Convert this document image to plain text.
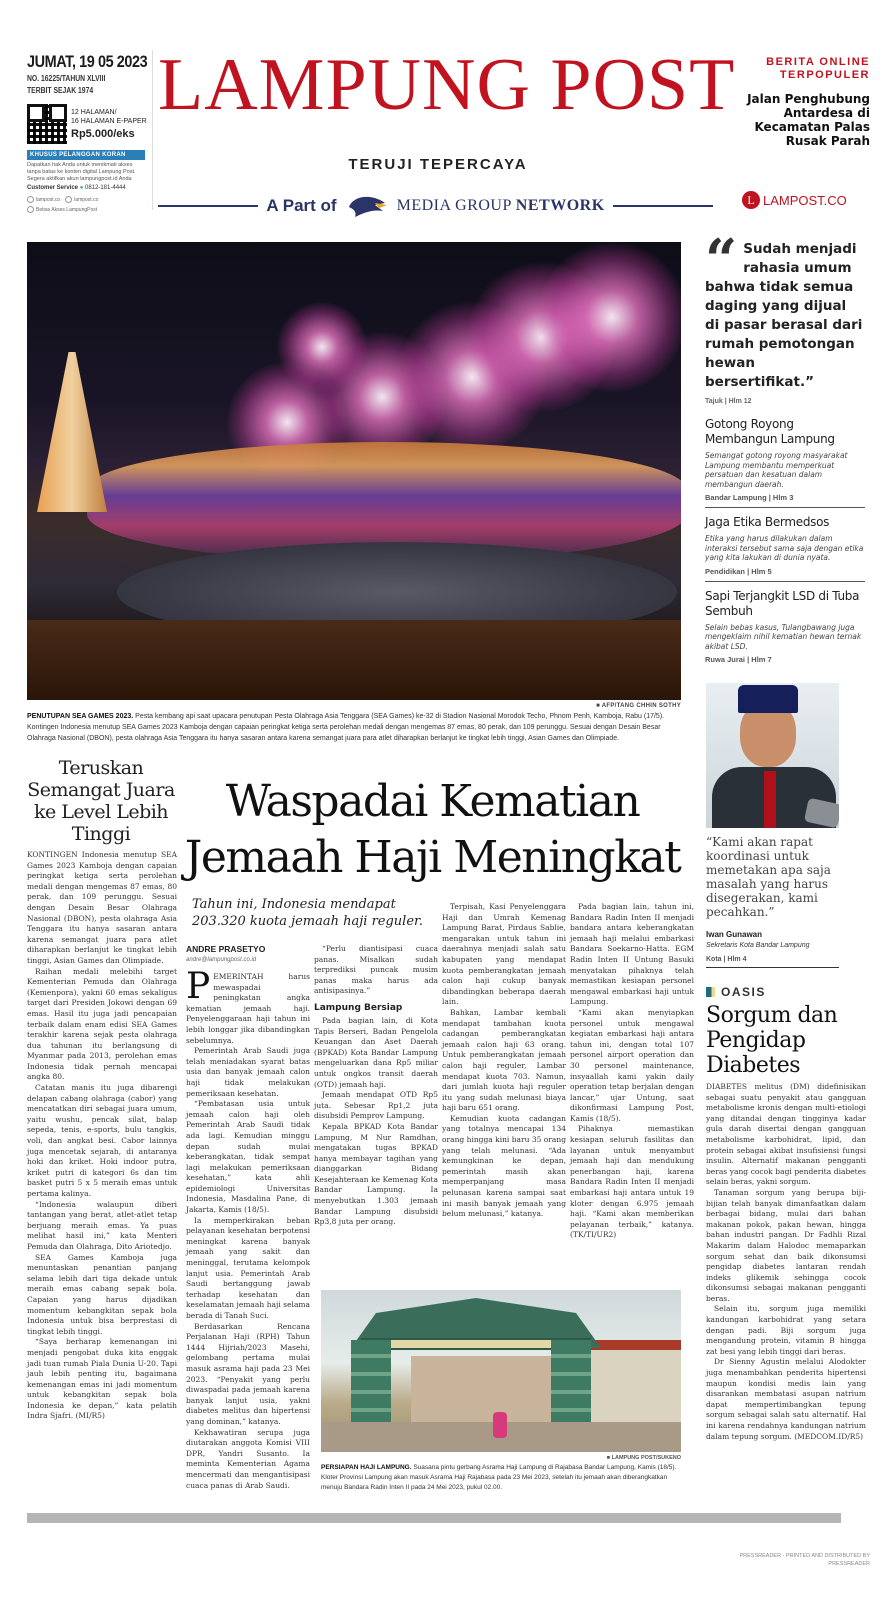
JUMAT, 19 05 2023
NO. 16225/TAHUN XLVIII
TERBIT SEJAK 1974
12 HALAMAN/
16 HALAMAN E-PAPER
Rp5.000/eks
KHUSUS PELANGGAN KORAN
Dapatkan hak Anda untuk menikmati akses tanpa batas ke konten digital Lampung Post. Segera aktifkan akun lampungpost.id Anda
Customer Service ● 0812-181-4444
lampost.co	lampost.co
Bebas Akses LampungPost
LAMPUNG POST
TERUJI TEPERCAYA
A Part of	MEDIA GROUP NETWORK
BERITA ONLINE
TERPOPULER
Jalan Penghubung Antardesa di Kecamatan Palas Rusak Parah
L LAMPOST.CO
■ AFP/TANG CHHIN SOTHY
PENUTUPAN SEA GAMES 2023. Pesta kembang api saat upacara penutupan Pesta Olahraga Asia Tenggara (SEA Games) ke-32 di Stadion Nasional Morodok Techo, Phnom Penh, Kamboja, Rabu (17/5). Kontingen Indonesia menutup SEA Games 2023 Kamboja dengan capaian peringkat ketiga serta perolehan medali dengan mengemas 87 emas, 80 perak, dan 109 perunggu. Sesuai dengan Desain Besar Olahraga Nasional (DBON), pesta olahraga Asia Tenggara itu hanya sasaran antara karena semangat juara para atlet diharapkan berlanjut ke tingkat lebih tinggi, Asian Games dan Olimpiade.
“ Sudah menjadi rahasia umum bahwa tidak semua daging yang dijual di pasar berasal dari rumah pemotongan hewan bersertifikat.”
Tajuk | Hlm 12
Gotong Royong Membangun Lampung
Semangat gotong royong masyarakat Lampung membantu memperkuat persatuan dan kesatuan dalam membangun daerah.
Bandar Lampung | Hlm 3
Jaga Etika Bermedsos
Etika yang harus dilakukan dalam interaksi tersebut sama saja dengan etika yang kita lakukan di dunia nyata.
Pendidikan | Hlm 5
Sapi Terjangkit LSD di Tuba Sembuh
Selain bebas kasus, Tulangbawang juga mengeklaim nihil kematian hewan ternak akibat LSD.
Ruwa Jurai | Hlm 7
“Kami akan rapat koordinasi untuk memetakan apa saja masalah yang harus disegerakan, kami pecahkan.”
Iwan Gunawan
Sekretaris Kota Bandar Lampung
Kota | Hlm 4
OASIS
Sorgum dan Pengidap Diabetes

DIABETES melitus (DM) didefinisikan sebagai suatu penyakit atau gangguan metabolisme kronis dengan multi-etiologi yang ditandai dengan tingginya kadar gula darah disertai dengan gangguan metabolisme karbohidrat, lipid, dan protein sebagai akibat insufisiensi fungsi insulin. Alternatif makanan pengganti beras yang cocok bagi penderita diabetes selain beras, yakni sorgum.

Tanaman sorgum yang berupa biji-bijian telah banyak dimanfaatkan dalam berbagai bidang, mulai dari bahan makanan pokok, pakan hewan, hingga bahan industri pangan. Dr Fadhli Rizal Makarim dalam Halodoc memaparkan sorgum sehat dan baik dikonsumsi pengidap diabetes lantaran rendah indeks glikemik sehingga cocok dikonsumsi sebagai makanan pengganti beras.

Selain itu, sorgum juga memiliki kandungan karbohidrat yang setara dengan padi. Biji sorgum juga mengandung protein, vitamin B hingga zat besi yang lebih tinggi dari beras.

Dr Sienny Agustin melalui Alodokter juga menambahkan penderita hipertensi maupun kondisi medis lain yang disarankan membatasi asupan natrium dapat mempertimbangkan tepung sorgum sebagai salah satu alternatif. Hal ini karena rendahnya kandungan natrium dalam tepung sorgum. (MEDCOM.ID/R5)

Teruskan Semangat Juara ke Level Lebih Tinggi

KONTINGEN Indonesia menutup SEA Games 2023 Kamboja dengan capaian peringkat ketiga serta perolehan medali dengan mengemas 87 emas, 80 perak, dan 109 perunggu. Sesuai dengan Desain Besar Olahraga Nasional (DBON), pesta olahraga Asia Tenggara itu hanya sasaran antara karena semangat juara para atlet diharapkan berlanjut ke tingkat lebih tinggi, Asian Games dan Olimpiade.

Raihan medali melebihi target Kementerian Pemuda dan Olahraga (Kemenpora), yakni 60 emas sekaligus target dari Presiden Jokowi dengan 69 emas. Hasil itu juga jadi pencapaian terbaik dalam enam edisi SEA Games terakhir karena sejak pesta olahraga dua tahunan itu berlangsung di Myanmar pada 2013, perolehan emas Indonesia tidak pernah mencapai angka 80.

Catatan manis itu juga dibarengi delapan cabang olahraga (cabor) yang mencatatkan diri sebagai juara umum, yaitu wushu, pencak silat, balap sepeda, tenis, e-sports, bulu tangkis, voli, dan angkat besi. Cabor lainnya juga mencetak sejarah, di antaranya hoki dan kriket. Hoki indoor putra, kriket putri di kategori 6s dan tim basket putri 5 x 5 meraih emas untuk pertama kalinya.

“Indonesia walaupun diberi tantangan yang berat, atlet-atlet tetap berjuang meraih emas. Ya puas melihat hasil ini,” kata Menteri Pemuda dan Olahraga, Dito Ariotedjo.

SEA Games Kamboja juga menuntaskan penantian panjang selama lebih dari tiga dekade untuk meraih emas cabang sepak bola. Capaian yang harus dijadikan momentum kebangkitan sepak bola Indonesia untuk bisa berprestasi di tingkat lebih tinggi.

“Saya berharap kemenangan ini menjadi pengobat duka kita enggak jadi tuan rumah Piala Dunia U-20. Tapi jauh lebih penting itu, bagaimana kemenangan emas ini jadi momentum untuk kebangkitan sepak bola Indonesia ke depan,” kata pelatih Indra Sjafri. (MI/R5)

Waspadai Kematian Jemaah Haji Meningkat
Tahun ini, Indonesia mendapat 203.320 kuota jemaah haji reguler.
ANDRE PRASETYO
andre@lampungpost.co.id

PEMERINTAH harus mewaspadai peningkatan angka kematian jemaah haji. Penyelenggaraan haji tahun ini lebih longgar jika dibandingkan sebelumnya.

Pemerintah Arab Saudi juga telah meniadakan syarat batas usia dan banyak jemaah calon haji tidak melakukan pemeriksaan kesehatan.

“Pembatasan usia untuk jemaah calon haji oleh Pemerintah Arab Saudi tidak ada lagi. Kemudian minggu depan sudah mulai keberangkatan, tidak sempat lagi melakukan pemeriksaan kesehatan,” kata ahli epidemiologi Universitas Indonesia, Masdalina Pane, di Jakarta, Kamis (18/5).

Ia memperkirakan beban pelayanan kesehatan berpotensi meningkat karena banyak jemaah yang sakit dan meninggal, terutama kelompok lanjut usia. Pemerintah Arab Saudi bertanggung jawab terhadap kesehatan dan keselamatan jemaah haji selama berada di Tanah Suci.

Berdasarkan Rencana Perjalanan Haji (RPH) Tahun 1444 Hijriah/2023 Masehi, gelombang pertama mulai masuk asrama haji pada 23 Mei 2023. “Penyakit yang perlu diwaspadai pada jemaah karena banyak lanjut usia, yakni diabetes melitus dan hipertensi yang dominan,” katanya.

Kekhawatiran serupa juga diutarakan anggota Komisi VIII DPR, Yandri Susanto. Ia meminta Kementerian Agama mencermati dan mengantisipasi cuaca panas di Arab Saudi.

“Perlu diantisipasi cuaca panas. Misalkan sudah terprediksi puncak musim panas maka harus ada antisipasinya.”

Lampung Bersiap

Pada bagian lain, di Kota Tapis Berseri, Badan Pengelola Keuangan dan Aset Daerah (BPKAD) Kota Bandar Lampung mengeluarkan dana Rp5 miliar untuk ongkos transit daerah (OTD) jemaah haji.

Jemaah mendapat OTD Rp5 juta. Sebesar Rp1,2 juta disubsidi Pemprov Lampung.

Kepala BPKAD Kota Bandar Lampung, M Nur Ramdhan, mengatakan tugas BPKAD hanya membayar tagihan yang dianggarkan Bidang Kesejahteraan ke Kemenag Kota Bandar Lampung. Ia menyebutkan 1.303 jemaah Bandar Lampung disubsidi Rp3,8 juta per orang.

Terpisah, Kasi Penyelenggara Haji dan Umrah Kemenag Lampung Barat, Pirdaus Sablie, mengarakan untuk tahun ini daerahnya menjadi salah satu kabupaten yang mendapat kuota pemberangkatan jemaah calon haji cukup banyak dibandingkan beberapa daerah lain.

Bahkan, Lambar kembali mendapat tambahan kuota cadangan pemberangkatan jemaah calon haji 63 orang. Untuk pemberangkatan jemaah calon haji reguler, Lambar mendapat kuota 703. Namun, dari jumlah kuota haji reguler itu yang sudah melunasi biaya haji baru 651 orang.

Kemudian kuota cadangan yang totalnya mencapai 134 orang hingga kini baru 35 orang yang telah melunasi. “Ada kemungkinan ke depan, pemerintah masih akan memperpanjang masa pelunasan karena sampai saat ini masih banyak jemaah yang belum melunasi,” katanya.

Pada bagian lain, tahun ini, Bandara Radin Inten II menjadi bandara antara keberangkatan jemaah haji melalui embarkasi Bandara Soekarno-Hatta. EGM Radin Inten II Untung Basuki menyatakan pihaknya telah memastikan kesiapan personel mengawal embarkasi haji untuk Lampung.

“Kami akan menyiapkan personel untuk mengawal kegiatan embarkasi haji antara tahun ini, dengan total 107 personel airport operation dan 30 personel maintenance, insyaallah kami yakin daily operation tetap berjalan dengan lancar,” ujar Untung, saat dikonfirmasi Lampung Post, Kamis (18/5).

Pihaknya memastikan kesiapan seluruh fasilitas dan layanan untuk menyambut jemaah haji dan mendukung penerbangan haji, karena Bandara Radin Inten II menjadi embarkasi haji antara untuk 19 kloter dengan 6.975 jemaah haji. “Kami akan memberikan pelayanan terbaik,” katanya. (TK/TI/UR2)

■ LAMPUNG POST/SUKENO
PERSIAPAN HAJI LAMPUNG. Suasana pintu gerbang Asrama Haji Lampung di Rajabasa Bandar Lampung, Kamis (18/5). Kloter Provinsi Lampung akan masuk Asrama Haji Rajabasa pada 23 Mei 2023, setelah itu jemaah akan diberangkatkan menuju Bandara Radin Inten II pada 24 Mei 2023, pukul 02.00.
PRESSREADER · PRINTED AND DISTRIBUTED BY PRESSREADER
